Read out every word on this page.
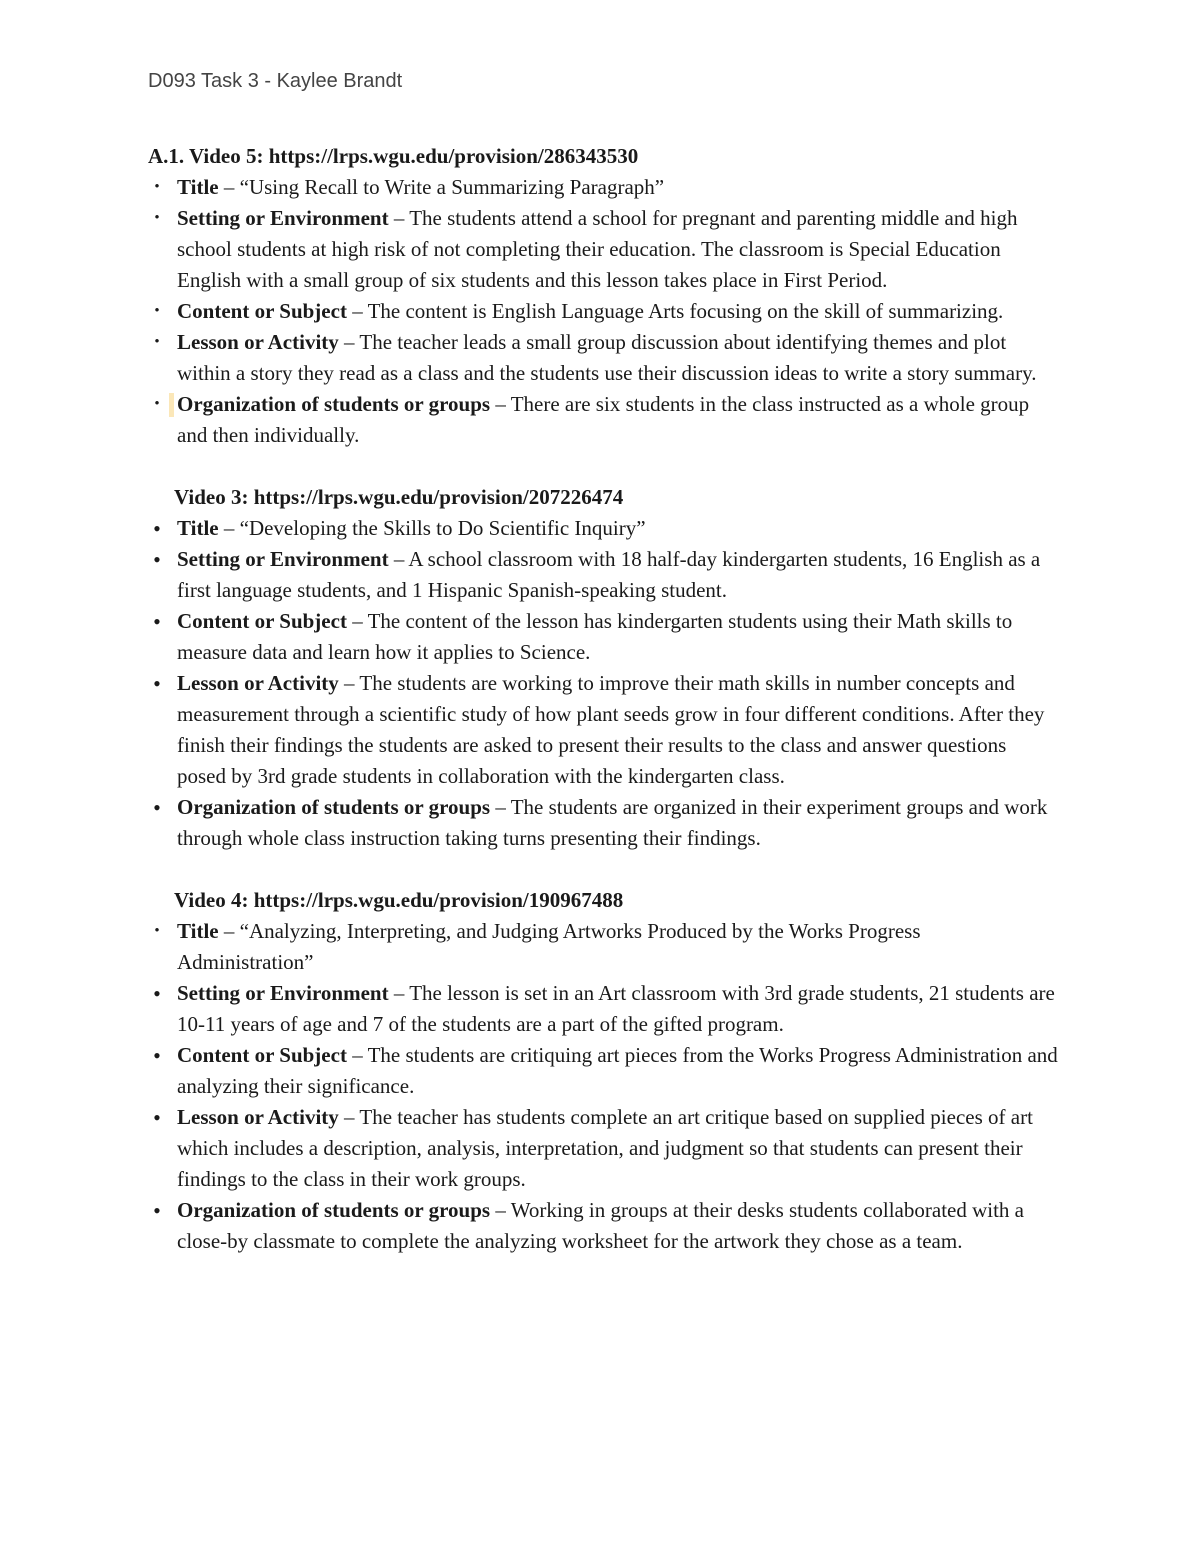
D093 Task 3 - Kaylee Brandt

A.1. Video 5: https://lrps.wgu.edu/provision/286343530

• Title – “Using Recall to Write a Summarizing Paragraph”
• Setting or Environment – The students attend a school for pregnant and parenting middle and high school students at high risk of not completing their education. The classroom is Special Education English with a small group of six students and this lesson takes place in First Period.
• Content or Subject – The content is English Language Arts focusing on the skill of summarizing.
• Lesson or Activity – The teacher leads a small group discussion about identifying themes and plot within a story they read as a class and the students use their discussion ideas to write a story summary.
• Organization of students or groups – There are six students in the class instructed as a whole group and then individually.

Video 3: https://lrps.wgu.edu/provision/207226474

• Title – “Developing the Skills to Do Scientific Inquiry”
• Setting or Environment – A school classroom with 18 half-day kindergarten students, 16 English as a first language students, and 1 Hispanic Spanish-speaking student.
• Content or Subject – The content of the lesson has kindergarten students using their Math skills to measure data and learn how it applies to Science.
• Lesson or Activity – The students are working to improve their math skills in number concepts and measurement through a scientific study of how plant seeds grow in four different conditions. After they finish their findings the students are asked to present their results to the class and answer questions posed by 3rd grade students in collaboration with the kindergarten class.
• Organization of students or groups – The students are organized in their experiment groups and work through whole class instruction taking turns presenting their findings.

Video 4: https://lrps.wgu.edu/provision/190967488

• Title – “Analyzing, Interpreting, and Judging Artworks Produced by the Works Progress Administration”
• Setting or Environment – The lesson is set in an Art classroom with 3rd grade students, 21 students are 10-11 years of age and 7 of the students are a part of the gifted program.
• Content or Subject – The students are critiquing art pieces from the Works Progress Administration and analyzing their significance.
• Lesson or Activity – The teacher has students complete an art critique based on supplied pieces of art which includes a description, analysis, interpretation, and judgment so that students can present their findings to the class in their work groups.
• Organization of students or groups – Working in groups at their desks students collaborated with a close-by classmate to complete the analyzing worksheet for the artwork they chose as a team.
